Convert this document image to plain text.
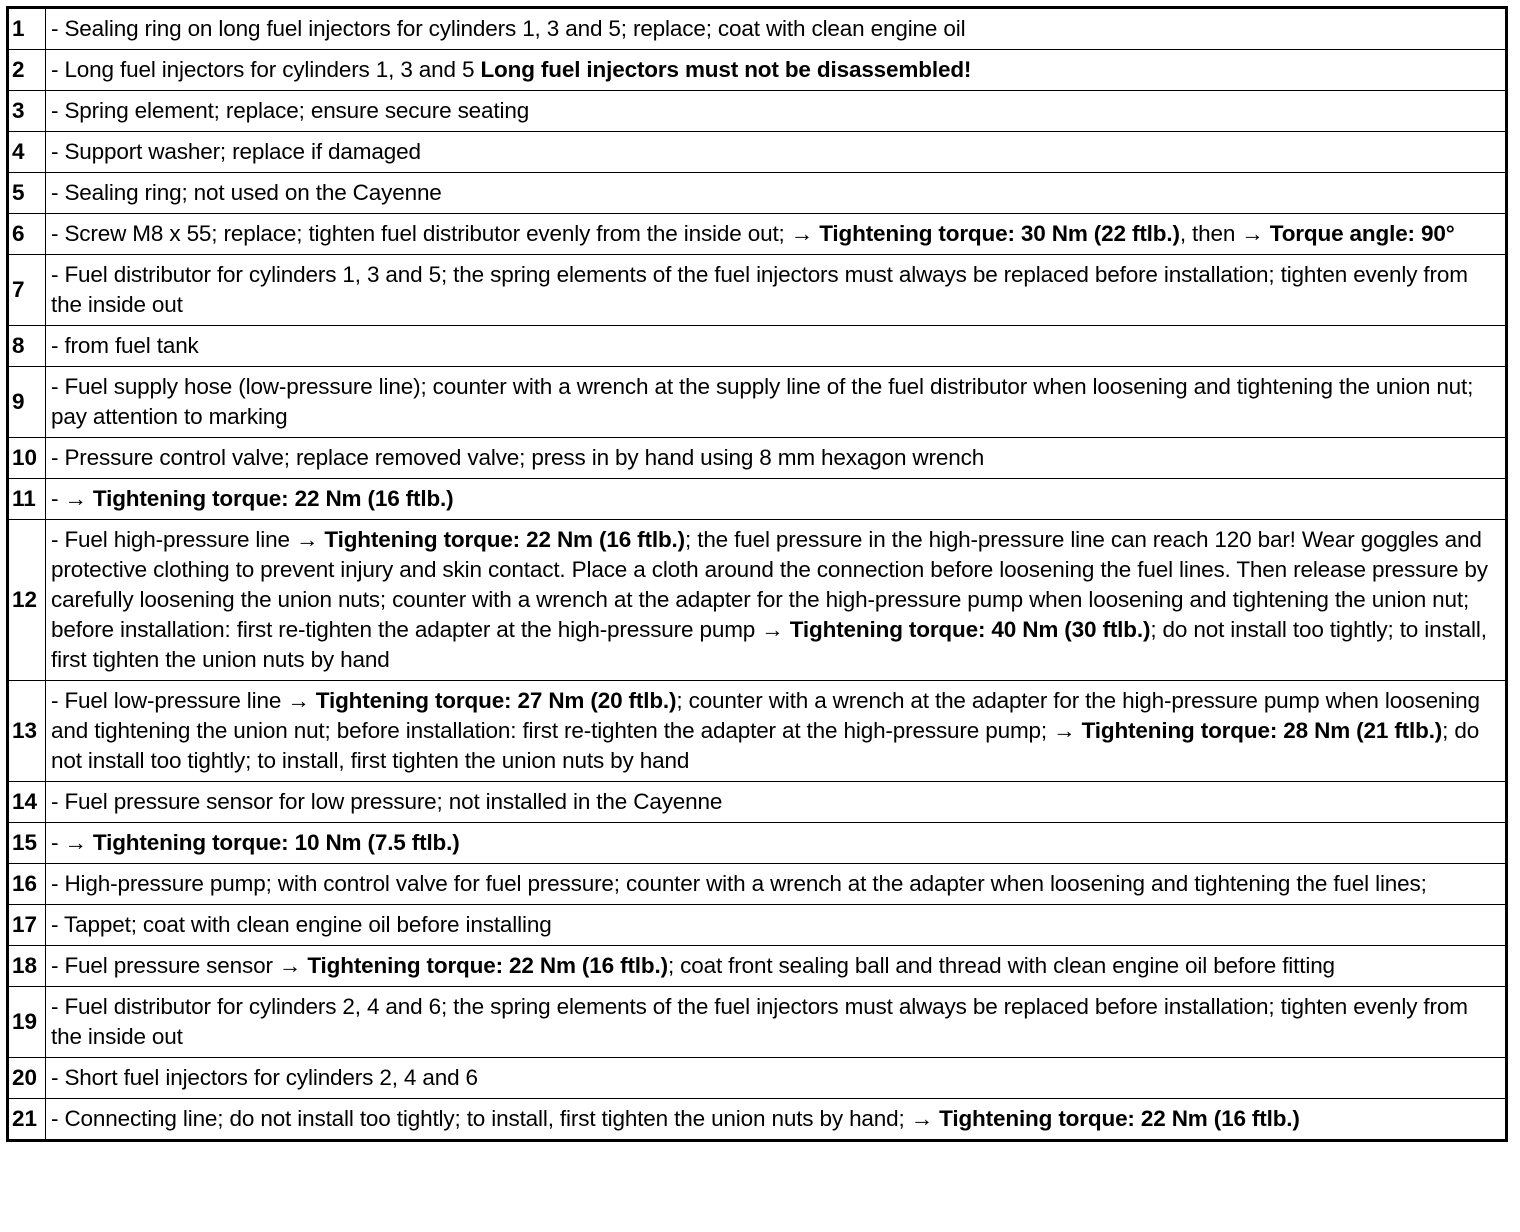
1	- Sealing ring on long fuel injectors for cylinders 1, 3 and 5; replace; coat with clean engine oil
2	- Long fuel injectors for cylinders 1, 3 and 5 Long fuel injectors must not be disassembled!
3	- Spring element; replace; ensure secure seating
4	- Support washer; replace if damaged
5	- Sealing ring; not used on the Cayenne
6	- Screw M8 x 55; replace; tighten fuel distributor evenly from the inside out; → Tightening torque: 30 Nm (22 ftlb.), then → Torque angle: 90°
7	- Fuel distributor for cylinders 1, 3 and 5; the spring elements of the fuel injectors must always be replaced before installation; tighten evenly from the inside out
8	- from fuel tank
9	- Fuel supply hose (low-pressure line); counter with a wrench at the supply line of the fuel distributor when loosening and tightening the union nut; pay attention to marking
10	- Pressure control valve; replace removed valve; press in by hand using 8 mm hexagon wrench
11	- → Tightening torque: 22 Nm (16 ftlb.)
12	- Fuel high-pressure line → Tightening torque: 22 Nm (16 ftlb.); the fuel pressure in the high-pressure line can reach 120 bar! Wear goggles and protective clothing to prevent injury and skin contact. Place a cloth around the connection before loosening the fuel lines. Then release pressure by carefully loosening the union nuts; counter with a wrench at the adapter for the high-pressure pump when loosening and tightening the union nut; before installation: first re-tighten the adapter at the high-pressure pump → Tightening torque: 40 Nm (30 ftlb.); do not install too tightly; to install, first tighten the union nuts by hand
13	- Fuel low-pressure line → Tightening torque: 27 Nm (20 ftlb.); counter with a wrench at the adapter for the high-pressure pump when loosening and tightening the union nut; before installation: first re-tighten the adapter at the high-pressure pump; → Tightening torque: 28 Nm (21 ftlb.); do not install too tightly; to install, first tighten the union nuts by hand
14	- Fuel pressure sensor for low pressure; not installed in the Cayenne
15	- → Tightening torque: 10 Nm (7.5 ftlb.)
16	- High-pressure pump; with control valve for fuel pressure; counter with a wrench at the adapter when loosening and tightening the fuel lines;
17	- Tappet; coat with clean engine oil before installing
18	- Fuel pressure sensor → Tightening torque: 22 Nm (16 ftlb.); coat front sealing ball and thread with clean engine oil before fitting
19	- Fuel distributor for cylinders 2, 4 and 6; the spring elements of the fuel injectors must always be replaced before installation; tighten evenly from the inside out
20	- Short fuel injectors for cylinders 2, 4 and 6
21	- Connecting line; do not install too tightly; to install, first tighten the union nuts by hand; → Tightening torque: 22 Nm (16 ftlb.)
